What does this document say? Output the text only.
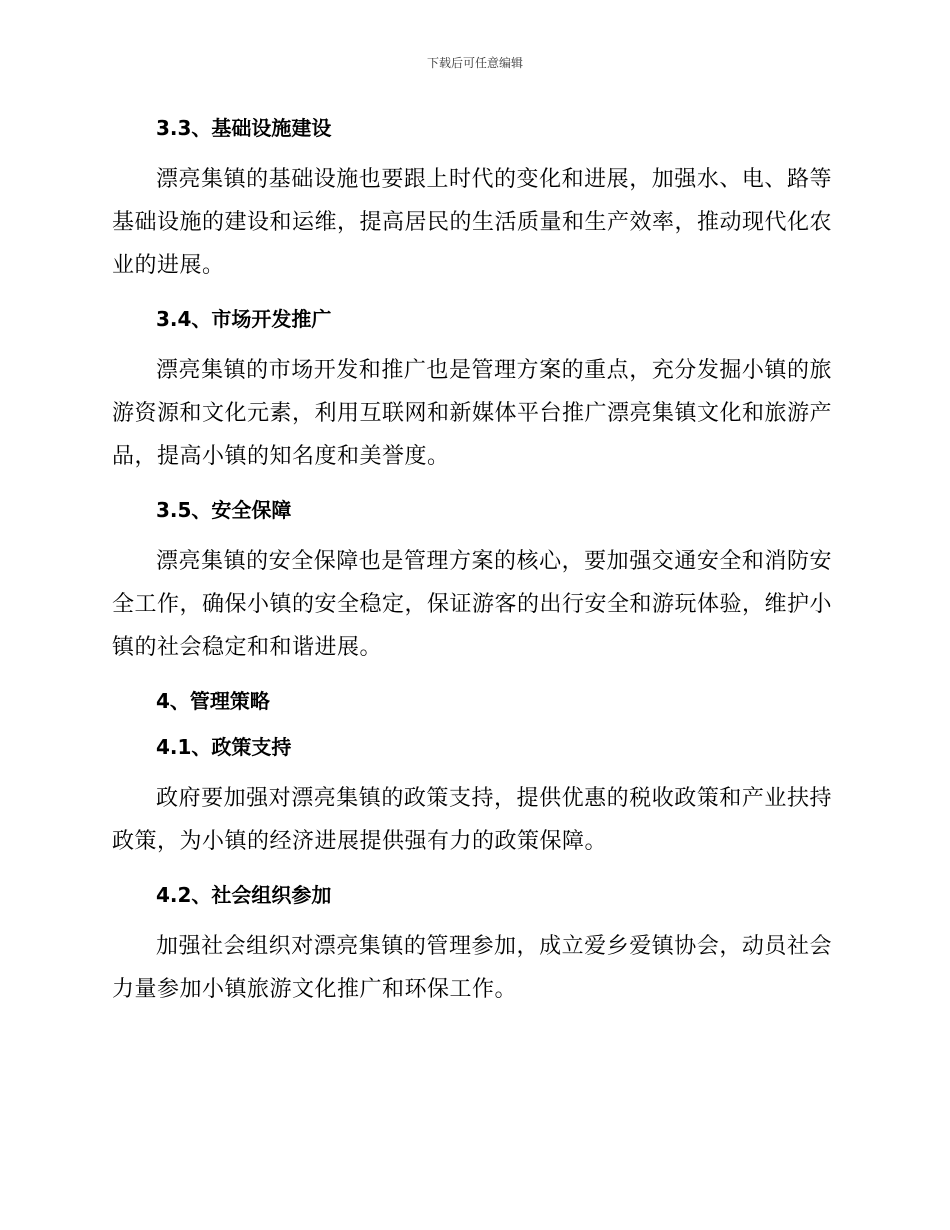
下载后可任意编辑
3.3、基础设施建设

漂亮集镇的基础设施也要跟上时代的变化和进展，加强水、电、路等基础设施的建设和运维，提高居民的生活质量和生产效率，推动现代化农业的进展。

3.4、市场开发推广

漂亮集镇的市场开发和推广也是管理方案的重点，充分发掘小镇的旅游资源和文化元素，利用互联网和新媒体平台推广漂亮集镇文化和旅游产品，提高小镇的知名度和美誉度。

3.5、安全保障

漂亮集镇的安全保障也是管理方案的核心，要加强交通安全和消防安全工作，确保小镇的安全稳定，保证游客的出行安全和游玩体验，维护小镇的社会稳定和和谐进展。

4、管理策略
4.1、政策支持

政府要加强对漂亮集镇的政策支持，提供优惠的税收政策和产业扶持政策，为小镇的经济进展提供强有力的政策保障。

4.2、社会组织参加

加强社会组织对漂亮集镇的管理参加，成立爱乡爱镇协会，动员社会力量参加小镇旅游文化推广和环保工作。
